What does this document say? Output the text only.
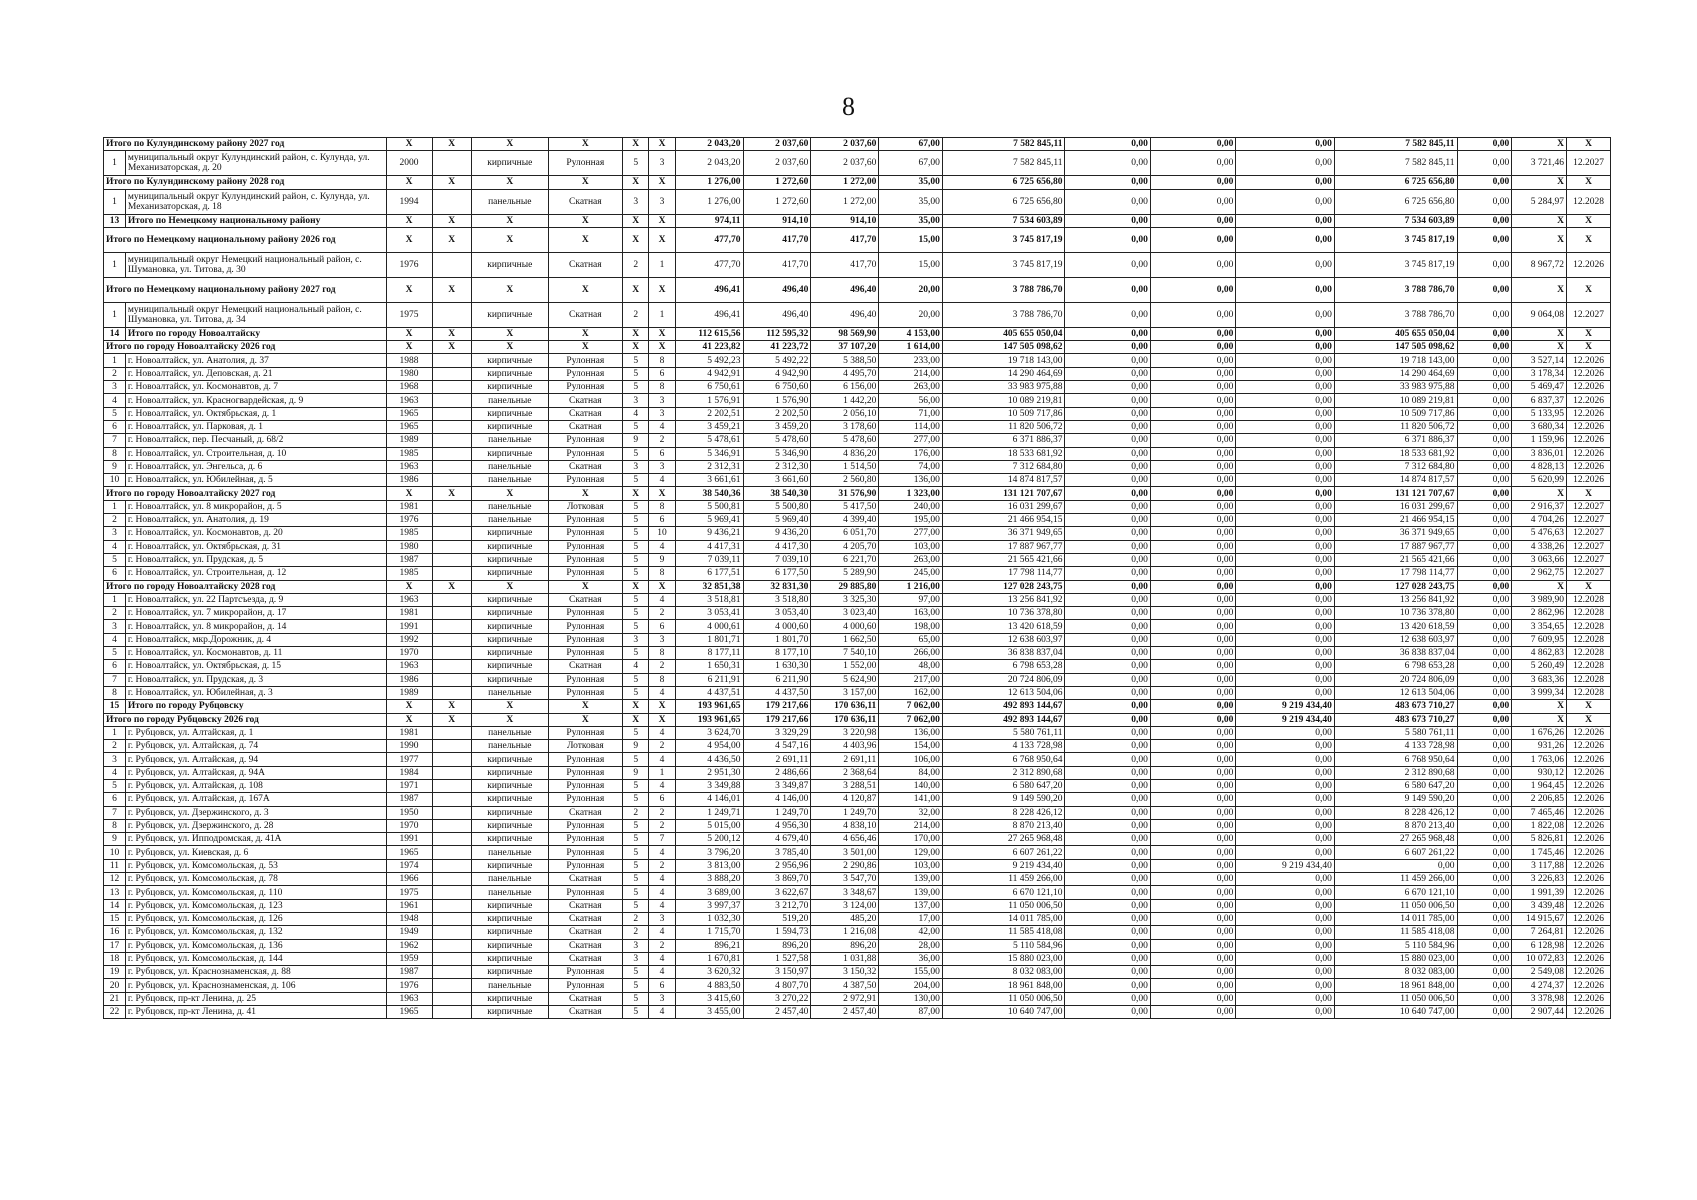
8
Итого по Кулундинскому району 2027 год		X	X	X	X	X	X	2 043,20	2 037,60	2 037,60	67,00	7 582 845,11	0,00	0,00	0,00	7 582 845,11	0,00	X	X
1	муниципальный округ Кулундинский район, с. Кулунда, ул. Механизаторская, д. 20	2000		кирпичные	Рулонная	5	3	2 043,20	2 037,60	2 037,60	67,00	7 582 845,11	0,00	0,00	0,00	7 582 845,11	0,00	3 721,46	12.2027
Итого по Кулундинскому району 2028 год		X	X	X	X	X	X	1 276,00	1 272,60	1 272,00	35,00	6 725 656,80	0,00	0,00	0,00	6 725 656,80	0,00	X	X
1	муниципальный округ Кулундинский район, с. Кулунда, ул. Механизаторская, д. 18	1994		панельные	Скатная	3	3	1 276,00	1 272,60	1 272,00	35,00	6 725 656,80	0,00	0,00	0,00	6 725 656,80	0,00	5 284,97	12.2028
13	Итого по Немецкому национальному району	X	X	X	X	X	X	974,11	914,10	914,10	35,00	7 534 603,89	0,00	0,00	0,00	7 534 603,89	0,00	X	X
Итого по Немецкому национальному району 2026 год		X	X	X	X	X	X	477,70	417,70	417,70	15,00	3 745 817,19	0,00	0,00	0,00	3 745 817,19	0,00	X	X
1	муниципальный округ Немецкий национальный район, с. Шумановка, ул. Титова, д. 30	1976		кирпичные	Скатная	2	1	477,70	417,70	417,70	15,00	3 745 817,19	0,00	0,00	0,00	3 745 817,19	0,00	8 967,72	12.2026
Итого по Немецкому национальному району 2027 год		X	X	X	X	X	X	496,41	496,40	496,40	20,00	3 788 786,70	0,00	0,00	0,00	3 788 786,70	0,00	X	X
1	муниципальный округ Немецкий национальный район, с. Шумановка, ул. Титова, д. 34	1975		кирпичные	Скатная	2	1	496,41	496,40	496,40	20,00	3 788 786,70	0,00	0,00	0,00	3 788 786,70	0,00	9 064,08	12.2027
14	Итого по городу Новоалтайску	X	X	X	X	X	X	112 615,56	112 595,32	98 569,90	4 153,00	405 655 050,04	0,00	0,00	0,00	405 655 050,04	0,00	X	X
Итого по городу Новоалтайску 2026 год		X	X	X	X	X	X	41 223,82	41 223,72	37 107,20	1 614,00	147 505 098,62	0,00	0,00	0,00	147 505 098,62	0,00	X	X
1	г. Новоалтайск, ул. Анатолия, д. 37	1988		кирпичные	Рулонная	5	8	5 492,23	5 492,22	5 388,50	233,00	19 718 143,00	0,00	0,00	0,00	19 718 143,00	0,00	3 527,14	12.2026
2	г. Новоалтайск, ул. Деповская, д. 21	1980		кирпичные	Рулонная	5	6	4 942,91	4 942,90	4 495,70	214,00	14 290 464,69	0,00	0,00	0,00	14 290 464,69	0,00	3 178,34	12.2026
3	г. Новоалтайск, ул. Космонавтов, д. 7	1968		кирпичные	Рулонная	5	8	6 750,61	6 750,60	6 156,00	263,00	33 983 975,88	0,00	0,00	0,00	33 983 975,88	0,00	5 469,47	12.2026
4	г. Новоалтайск, ул. Красногвардейская, д. 9	1963		панельные	Скатная	3	3	1 576,91	1 576,90	1 442,20	56,00	10 089 219,81	0,00	0,00	0,00	10 089 219,81	0,00	6 837,37	12.2026
5	г. Новоалтайск, ул. Октябрьская, д. 1	1965		кирпичные	Скатная	4	3	2 202,51	2 202,50	2 056,10	71,00	10 509 717,86	0,00	0,00	0,00	10 509 717,86	0,00	5 133,95	12.2026
6	г. Новоалтайск, ул. Парковая, д. 1	1965		кирпичные	Скатная	5	4	3 459,21	3 459,20	3 178,60	114,00	11 820 506,72	0,00	0,00	0,00	11 820 506,72	0,00	3 680,34	12.2026
7	г. Новоалтайск, пер. Песчаный, д. 68/2	1989		панельные	Рулонная	9	2	5 478,61	5 478,60	5 478,60	277,00	6 371 886,37	0,00	0,00	0,00	6 371 886,37	0,00	1 159,96	12.2026
8	г. Новоалтайск, ул. Строительная, д. 10	1985		кирпичные	Рулонная	5	6	5 346,91	5 346,90	4 836,20	176,00	18 533 681,92	0,00	0,00	0,00	18 533 681,92	0,00	3 836,01	12.2026
9	г. Новоалтайск, ул. Энгельса, д. 6	1963		панельные	Скатная	3	3	2 312,31	2 312,30	1 514,50	74,00	7 312 684,80	0,00	0,00	0,00	7 312 684,80	0,00	4 828,13	12.2026
10	г. Новоалтайск, ул. Юбилейная, д. 5	1986		панельные	Рулонная	5	4	3 661,61	3 661,60	2 560,80	136,00	14 874 817,57	0,00	0,00	0,00	14 874 817,57	0,00	5 620,99	12.2026
Итого по городу Новоалтайску 2027 год		X	X	X	X	X	X	38 540,36	38 540,30	31 576,90	1 323,00	131 121 707,67	0,00	0,00	0,00	131 121 707,67	0,00	X	X
1	г. Новоалтайск, ул. 8 микрорайон, д. 5	1981		панельные	Лотковая	5	8	5 500,81	5 500,80	5 417,50	240,00	16 031 299,67	0,00	0,00	0,00	16 031 299,67	0,00	2 916,37	12.2027
2	г. Новоалтайск, ул. Анатолия, д. 19	1976		панельные	Рулонная	5	6	5 969,41	5 969,40	4 399,40	195,00	21 466 954,15	0,00	0,00	0,00	21 466 954,15	0,00	4 704,26	12.2027
3	г. Новоалтайск, ул. Космонавтов, д. 20	1985		кирпичные	Рулонная	5	10	9 436,21	9 436,20	6 051,70	277,00	36 371 949,65	0,00	0,00	0,00	36 371 949,65	0,00	5 476,63	12.2027
4	г. Новоалтайск, ул. Октябрьская, д. 31	1980		кирпичные	Рулонная	5	4	4 417,31	4 417,30	4 205,70	103,00	17 887 967,77	0,00	0,00	0,00	17 887 967,77	0,00	4 338,26	12.2027
5	г. Новоалтайск, ул. Прудская, д. 5	1987		кирпичные	Рулонная	5	9	7 039,11	7 039,10	6 221,70	263,00	21 565 421,66	0,00	0,00	0,00	21 565 421,66	0,00	3 063,66	12.2027
6	г. Новоалтайск, ул. Строительная, д. 12	1985		кирпичные	Рулонная	5	8	6 177,51	6 177,50	5 289,90	245,00	17 798 114,77	0,00	0,00	0,00	17 798 114,77	0,00	2 962,75	12.2027
Итого по городу Новоалтайску 2028 год		X	X	X	X	X	X	32 851,38	32 831,30	29 885,80	1 216,00	127 028 243,75	0,00	0,00	0,00	127 028 243,75	0,00	X	X
1	г. Новоалтайск, ул. 22 Партсъезда, д. 9	1963		кирпичные	Скатная	5	4	3 518,81	3 518,80	3 325,30	97,00	13 256 841,92	0,00	0,00	0,00	13 256 841,92	0,00	3 989,90	12.2028
2	г. Новоалтайск, ул. 7 микрорайон, д. 17	1981		кирпичные	Рулонная	5	2	3 053,41	3 053,40	3 023,40	163,00	10 736 378,80	0,00	0,00	0,00	10 736 378,80	0,00	2 862,96	12.2028
3	г. Новоалтайск, ул. 8 микрорайон, д. 14	1991		кирпичные	Рулонная	5	6	4 000,61	4 000,60	4 000,60	198,00	13 420 618,59	0,00	0,00	0,00	13 420 618,59	0,00	3 354,65	12.2028
4	г. Новоалтайск, мкр.Дорожник, д. 4	1992		кирпичные	Рулонная	3	3	1 801,71	1 801,70	1 662,50	65,00	12 638 603,97	0,00	0,00	0,00	12 638 603,97	0,00	7 609,95	12.2028
5	г. Новоалтайск, ул. Космонавтов, д. 11	1970		кирпичные	Рулонная	5	8	8 177,11	8 177,10	7 540,10	266,00	36 838 837,04	0,00	0,00	0,00	36 838 837,04	0,00	4 862,83	12.2028
6	г. Новоалтайск, ул. Октябрьская, д. 15	1963		кирпичные	Скатная	4	2	1 650,31	1 630,30	1 552,00	48,00	6 798 653,28	0,00	0,00	0,00	6 798 653,28	0,00	5 260,49	12.2028
7	г. Новоалтайск, ул. Прудская, д. 3	1986		кирпичные	Рулонная	5	8	6 211,91	6 211,90	5 624,90	217,00	20 724 806,09	0,00	0,00	0,00	20 724 806,09	0,00	3 683,36	12.2028
8	г. Новоалтайск, ул. Юбилейная, д. 3	1989		панельные	Рулонная	5	4	4 437,51	4 437,50	3 157,00	162,00	12 613 504,06	0,00	0,00	0,00	12 613 504,06	0,00	3 999,34	12.2028
15	Итого по городу Рубцовску	X	X	X	X	X	X	193 961,65	179 217,66	170 636,11	7 062,00	492 893 144,67	0,00	0,00	9 219 434,40	483 673 710,27	0,00	X	X
Итого по городу Рубцовску 2026 год		X	X	X	X	X	X	193 961,65	179 217,66	170 636,11	7 062,00	492 893 144,67	0,00	0,00	9 219 434,40	483 673 710,27	0,00	X	X
1	г. Рубцовск, ул. Алтайская, д. 1	1981		панельные	Рулонная	5	4	3 624,70	3 329,29	3 220,98	136,00	5 580 761,11	0,00	0,00	0,00	5 580 761,11	0,00	1 676,26	12.2026
2	г. Рубцовск, ул. Алтайская, д. 74	1990		панельные	Лотковая	9	2	4 954,00	4 547,16	4 403,96	154,00	4 133 728,98	0,00	0,00	0,00	4 133 728,98	0,00	931,26	12.2026
3	г. Рубцовск, ул. Алтайская, д. 94	1977		кирпичные	Рулонная	5	4	4 436,50	2 691,11	2 691,11	106,00	6 768 950,64	0,00	0,00	0,00	6 768 950,64	0,00	1 763,06	12.2026
4	г. Рубцовск, ул. Алтайская, д. 94А	1984		кирпичные	Рулонная	9	1	2 951,30	2 486,66	2 368,64	84,00	2 312 890,68	0,00	0,00	0,00	2 312 890,68	0,00	930,12	12.2026
5	г. Рубцовск, ул. Алтайская, д. 108	1971		кирпичные	Рулонная	5	4	3 349,88	3 349,87	3 288,51	140,00	6 580 647,20	0,00	0,00	0,00	6 580 647,20	0,00	1 964,45	12.2026
6	г. Рубцовск, ул. Алтайская, д. 167А	1987		кирпичные	Рулонная	5	6	4 146,01	4 146,00	4 120,87	141,00	9 149 590,20	0,00	0,00	0,00	9 149 590,20	0,00	2 206,85	12.2026
7	г. Рубцовск, ул. Дзержинского, д. 3	1950		кирпичные	Скатная	2	2	1 249,71	1 249,70	1 249,70	32,00	8 228 426,12	0,00	0,00	0,00	8 228 426,12	0,00	7 465,46	12.2026
8	г. Рубцовск, ул. Дзержинского, д. 28	1970		кирпичные	Рулонная	5	2	5 015,00	4 956,30	4 838,10	214,00	8 870 213,40	0,00	0,00	0,00	8 870 213,40	0,00	1 822,08	12.2026
9	г. Рубцовск, ул. Ипподромская, д. 41А	1991		кирпичные	Рулонная	5	7	5 200,12	4 679,40	4 656,46	170,00	27 265 968,48	0,00	0,00	0,00	27 265 968,48	0,00	5 826,81	12.2026
10	г. Рубцовск, ул. Киевская, д. 6	1965		панельные	Рулонная	5	4	3 796,20	3 785,40	3 501,00	129,00	6 607 261,22	0,00	0,00	0,00	6 607 261,22	0,00	1 745,46	12.2026
11	г. Рубцовск, ул. Комсомольская, д. 53	1974		кирпичные	Рулонная	5	2	3 813,00	2 956,96	2 290,86	103,00	9 219 434,40	0,00	0,00	9 219 434,40	0,00	0,00	3 117,88	12.2026
12	г. Рубцовск, ул. Комсомольская, д. 78	1966		панельные	Скатная	5	4	3 888,20	3 869,70	3 547,70	139,00	11 459 266,00	0,00	0,00	0,00	11 459 266,00	0,00	3 226,83	12.2026
13	г. Рубцовск, ул. Комсомольская, д. 110	1975		панельные	Рулонная	5	4	3 689,00	3 622,67	3 348,67	139,00	6 670 121,10	0,00	0,00	0,00	6 670 121,10	0,00	1 991,39	12.2026
14	г. Рубцовск, ул. Комсомольская, д. 123	1961		кирпичные	Скатная	5	4	3 997,37	3 212,70	3 124,00	137,00	11 050 006,50	0,00	0,00	0,00	11 050 006,50	0,00	3 439,48	12.2026
15	г. Рубцовск, ул. Комсомольская, д. 126	1948		кирпичные	Скатная	2	3	1 032,30	519,20	485,20	17,00	14 011 785,00	0,00	0,00	0,00	14 011 785,00	0,00	14 915,67	12.2026
16	г. Рубцовск, ул. Комсомольская, д. 132	1949		кирпичные	Скатная	2	4	1 715,70	1 594,73	1 216,08	42,00	11 585 418,08	0,00	0,00	0,00	11 585 418,08	0,00	7 264,81	12.2026
17	г. Рубцовск, ул. Комсомольская, д. 136	1962		кирпичные	Скатная	3	2	896,21	896,20	896,20	28,00	5 110 584,96	0,00	0,00	0,00	5 110 584,96	0,00	6 128,98	12.2026
18	г. Рубцовск, ул. Комсомольская, д. 144	1959		кирпичные	Скатная	3	4	1 670,81	1 527,58	1 031,88	36,00	15 880 023,00	0,00	0,00	0,00	15 880 023,00	0,00	10 072,83	12.2026
19	г. Рубцовск, ул. Краснознаменская, д. 88	1987		кирпичные	Рулонная	5	4	3 620,32	3 150,97	3 150,32	155,00	8 032 083,00	0,00	0,00	0,00	8 032 083,00	0,00	2 549,08	12.2026
20	г. Рубцовск, ул. Краснознаменская, д. 106	1976		панельные	Рулонная	5	6	4 883,50	4 807,70	4 387,50	204,00	18 961 848,00	0,00	0,00	0,00	18 961 848,00	0,00	4 274,37	12.2026
21	г. Рубцовск, пр-кт Ленина, д. 25	1963		кирпичные	Скатная	5	3	3 415,60	3 270,22	2 972,91	130,00	11 050 006,50	0,00	0,00	0,00	11 050 006,50	0,00	3 378,98	12.2026
22	г. Рубцовск, пр-кт Ленина, д. 41	1965		кирпичные	Скатная	5	4	3 455,00	2 457,40	2 457,40	87,00	10 640 747,00	0,00	0,00	0,00	10 640 747,00	0,00	2 907,44	12.2026
